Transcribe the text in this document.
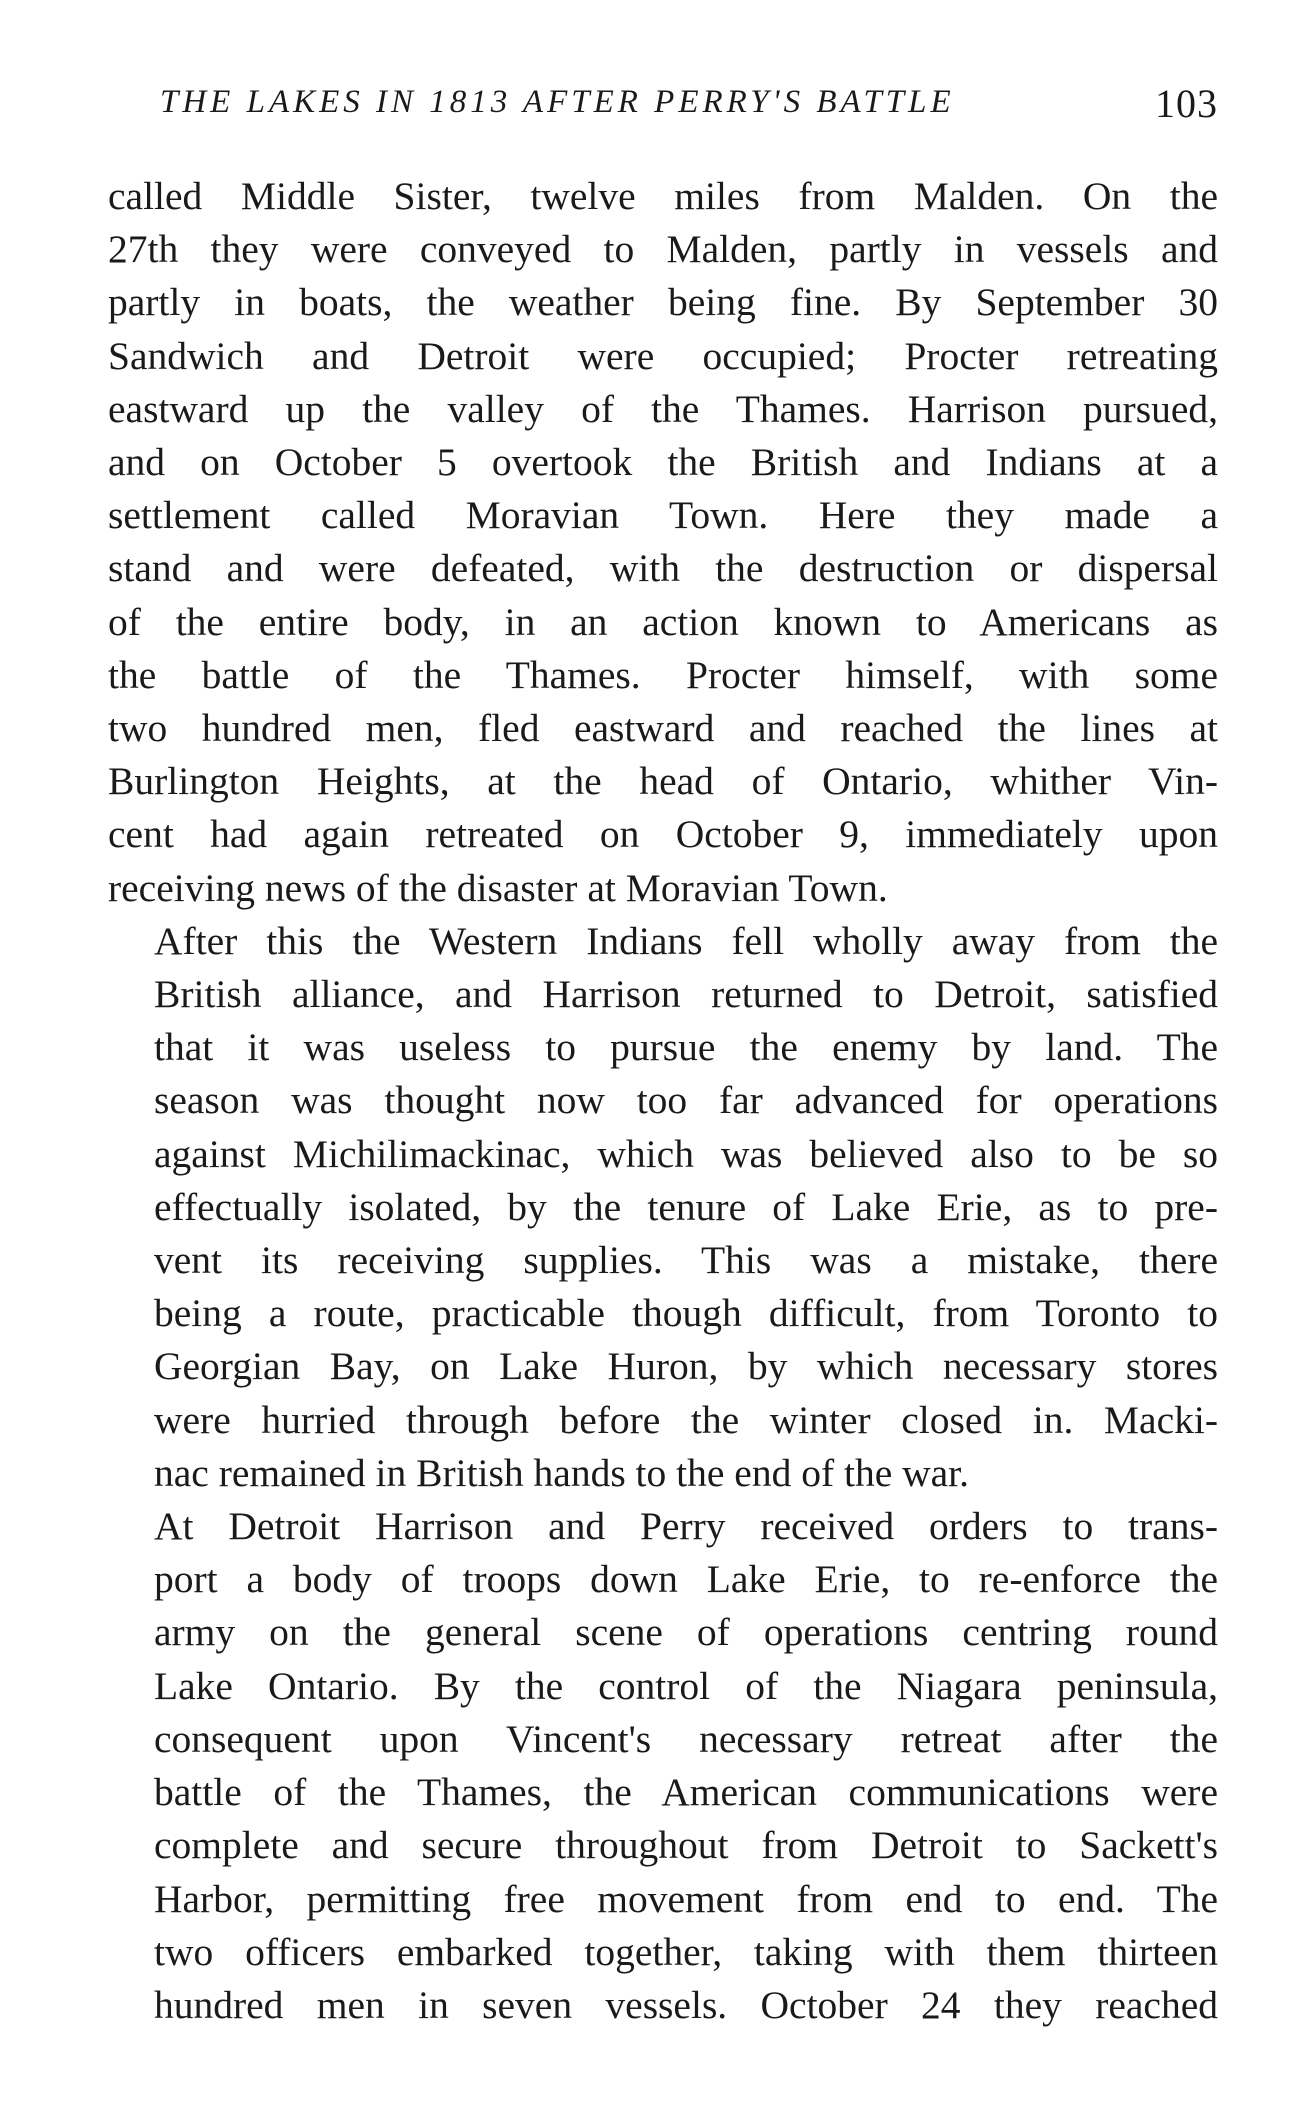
THE LAKES IN 1813 AFTER PERRY'S BATTLE	103
called Middle Sister, twelve miles from Malden. On the
27th they were conveyed to Malden, partly in vessels and
partly in boats, the weather being fine. By September 30
Sandwich and Detroit were occupied; Procter retreating
eastward up the valley of the Thames. Harrison pursued,
and on October 5 overtook the British and Indians at a
settlement called Moravian Town. Here they made a
stand and were defeated, with the destruction or dispersal
of the entire body, in an action known to Americans as
the battle of the Thames. Procter himself, with some
two hundred men, fled eastward and reached the lines at
Burlington Heights, at the head of Ontario, whither Vin-
cent had again retreated on October 9, immediately upon
receiving news of the disaster at Moravian Town.
After this the Western Indians fell wholly away from the
British alliance, and Harrison returned to Detroit, satisfied
that it was useless to pursue the enemy by land. The
season was thought now too far advanced for operations
against Michilimackinac, which was believed also to be so
effectually isolated, by the tenure of Lake Erie, as to pre-
vent its receiving supplies. This was a mistake, there
being a route, practicable though difficult, from Toronto to
Georgian Bay, on Lake Huron, by which necessary stores
were hurried through before the winter closed in. Macki-
nac remained in British hands to the end of the war.
At Detroit Harrison and Perry received orders to trans-
port a body of troops down Lake Erie, to re-enforce the
army on the general scene of operations centring round
Lake Ontario. By the control of the Niagara peninsula,
consequent upon Vincent's necessary retreat after the
battle of the Thames, the American communications were
complete and secure throughout from Detroit to Sackett's
Harbor, permitting free movement from end to end. The
two officers embarked together, taking with them thirteen
hundred men in seven vessels. October 24 they reached
